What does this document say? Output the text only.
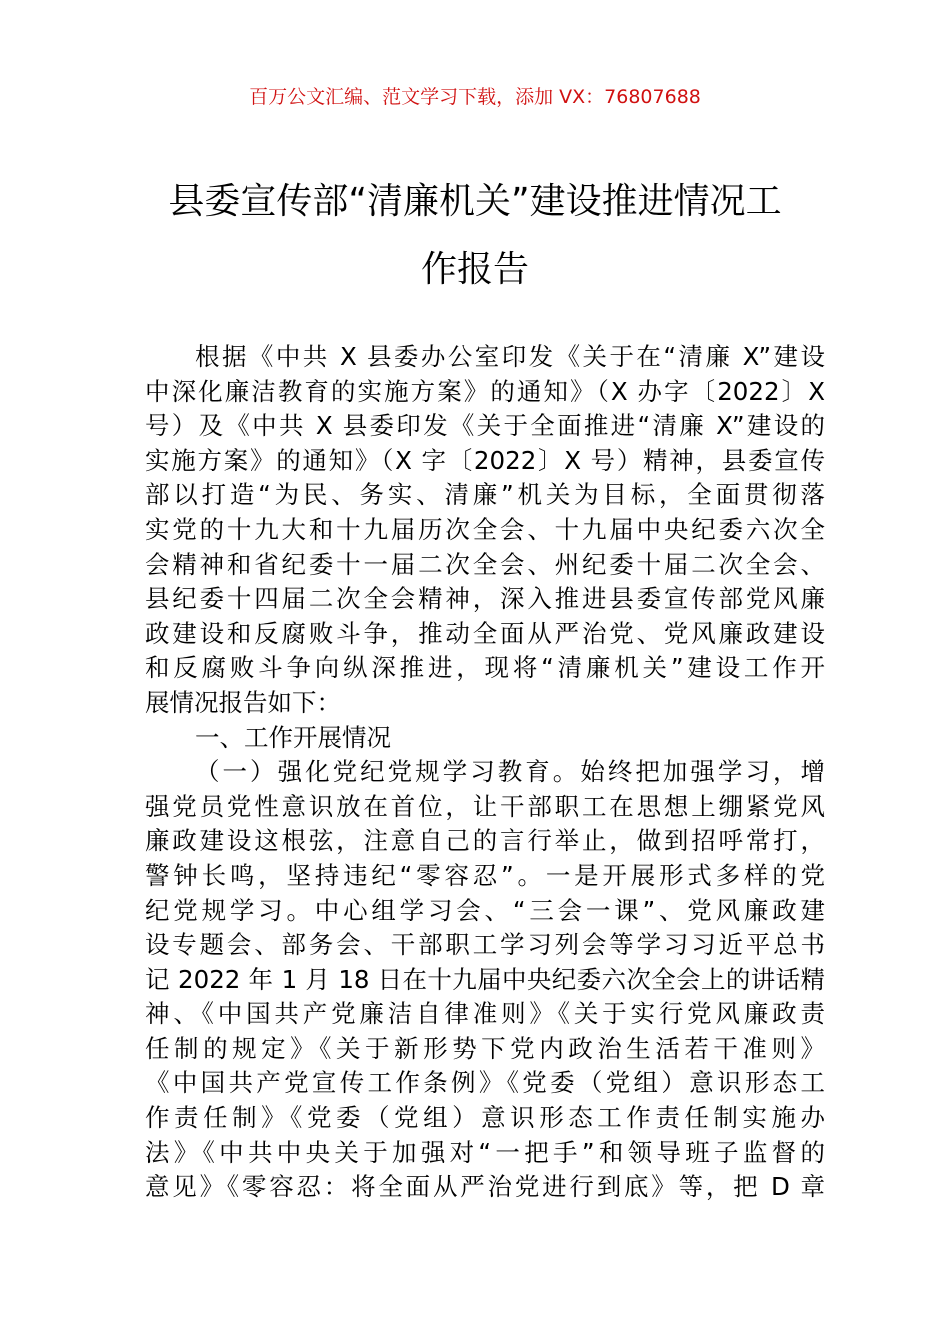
百万公文汇编、范文学习下载，添加 VX：76807688
县委宣传部“清廉机关”建设推进情况工
作报告
根据《中共 X 县委办公室印发《关于在“清廉 X”建设
中深化廉洁教育的实施方案》的通知》（X 办字〔2022〕X
号）及《中共 X 县委印发《关于全面推进“清廉 X”建设的
实施方案》的通知》（X 字〔2022〕X 号）精神，县委宣传
部以打造“为民、务实、清廉”机关为目标，全面贯彻落
实党的十九大和十九届历次全会、十九届中央纪委六次全
会精神和省纪委十一届二次全会、州纪委十届二次全会、
县纪委十四届二次全会精神，深入推进县委宣传部党风廉
政建设和反腐败斗争，推动全面从严治党、党风廉政建设
和反腐败斗争向纵深推进，现将“清廉机关”建设工作开
展情况报告如下：
一、工作开展情况
（一）强化党纪党规学习教育。始终把加强学习，增
强党员党性意识放在首位，让干部职工在思想上绷紧党风
廉政建设这根弦，注意自己的言行举止，做到招呼常打，
警钟长鸣，坚持违纪“零容忍”。一是开展形式多样的党
纪党规学习。中心组学习会、“三会一课”、党风廉政建
设专题会、部务会、干部职工学习列会等学习习近平总书
记 2022 年 1 月 18 日在十九届中央纪委六次全会上的讲话精
神、《中国共产党廉洁自律准则》《关于实行党风廉政责
任制的规定》《关于新形势下党内政治生活若干准则》
《中国共产党宣传工作条例》《党委（党组）意识形态工
作责任制》《党委（党组）意识形态工作责任制实施办
法》《中共中央关于加强对“一把手”和领导班子监督的
意见》《零容忍：将全面从严治党进行到底》等，把 D 章
